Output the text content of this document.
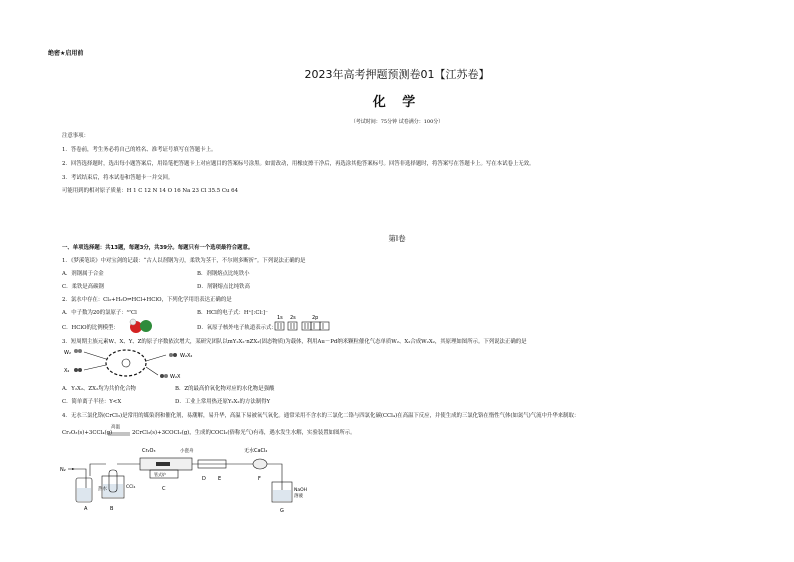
绝密★启用前
2023年高考押题预测卷01【江苏卷】
化 学
（考试时间：75分钟 试卷满分：100分）
注意事项：
1．答卷前，考生务必将自己的姓名、准考证号填写在答题卡上。
2．回答选择题时，选出每小题答案后，用铅笔把答题卡上对应题目的答案标号涂黑。如需改动，用橡皮擦干净后，再选涂其他答案标号。回答非选择题时，将答案写在答题卡上。写在本试卷上无效。
3．考试结束后，将本试卷和答题卡一并交回。
可能用到的相对原子质量：H 1 C 12 N 14 O 16 Na 23 Cl 35.5 Cu 64
第Ⅰ卷
一、单项选择题：共13题，每题3分，共39分。每题只有一个选项最符合题意。
1．《梦溪笔谈》中对宝剑的记载：“古人以剂钢为刃，柔铁为茎干，不尔则多断折”。下列说法正确的是
A．剂钢属于合金	B．剂钢熔点比纯铁小
C．柔铁是高碳钢	D．剂钢熔点比纯铁高
2．氯水中存在：Cl₂+H₂O⇌HCl+HClO，下列化学用语表达正确的是
A．中子数为20的氯原子：³⁷Cl	B．HCl的电子式：H⁺[:Cl:]⁻
C．HClO的比例模型：	D．氧原子核外电子轨道表示式：
1s 2s	2p
3．短周期主族元素W、X、Y、Z的原子序数依次增大，某研究团队以mY₂X₂·nZX₂(固态物质)为载体，利用Au－Pd纳米颗粒催化气态单质W₂、X₂合成W₂X₂，其原理如图所示。下列说法正确的是
W₂
X₂
W₂X₂
W₂X
A．Y₂X₂、ZX₂均为共价化合物	B．Z的最高价氧化物对应的水化物是强酸
C．简单离子半径：Y<X	D．工业上常用热还原Y₂X₂的方法制得Y
4．无水三氯化铬(CrCl₃)是常用的媒染剂和催化剂，易潮解，易升华，高温下易被氧气氧化。通常采用不含水的三氯化二铬与四氯化碳(CCl₄)在高温下反应，并使生成的三氯化铬在惰性气体(如氮气)气流中升华来制取：
Cr₂O₃(s)+3CCl₄(g)
高温
2CrCl₃(s)+3COCl₂(g)，生成的COCl₂(俗称光气)有毒，遇水发生水解，实验装置如图所示。
N₂
A
热水	CCl₄
B
Cr₂O₃	小瓷舟
管式炉
C
D E
无水CaCl₂
F
NaOH
溶液
G
